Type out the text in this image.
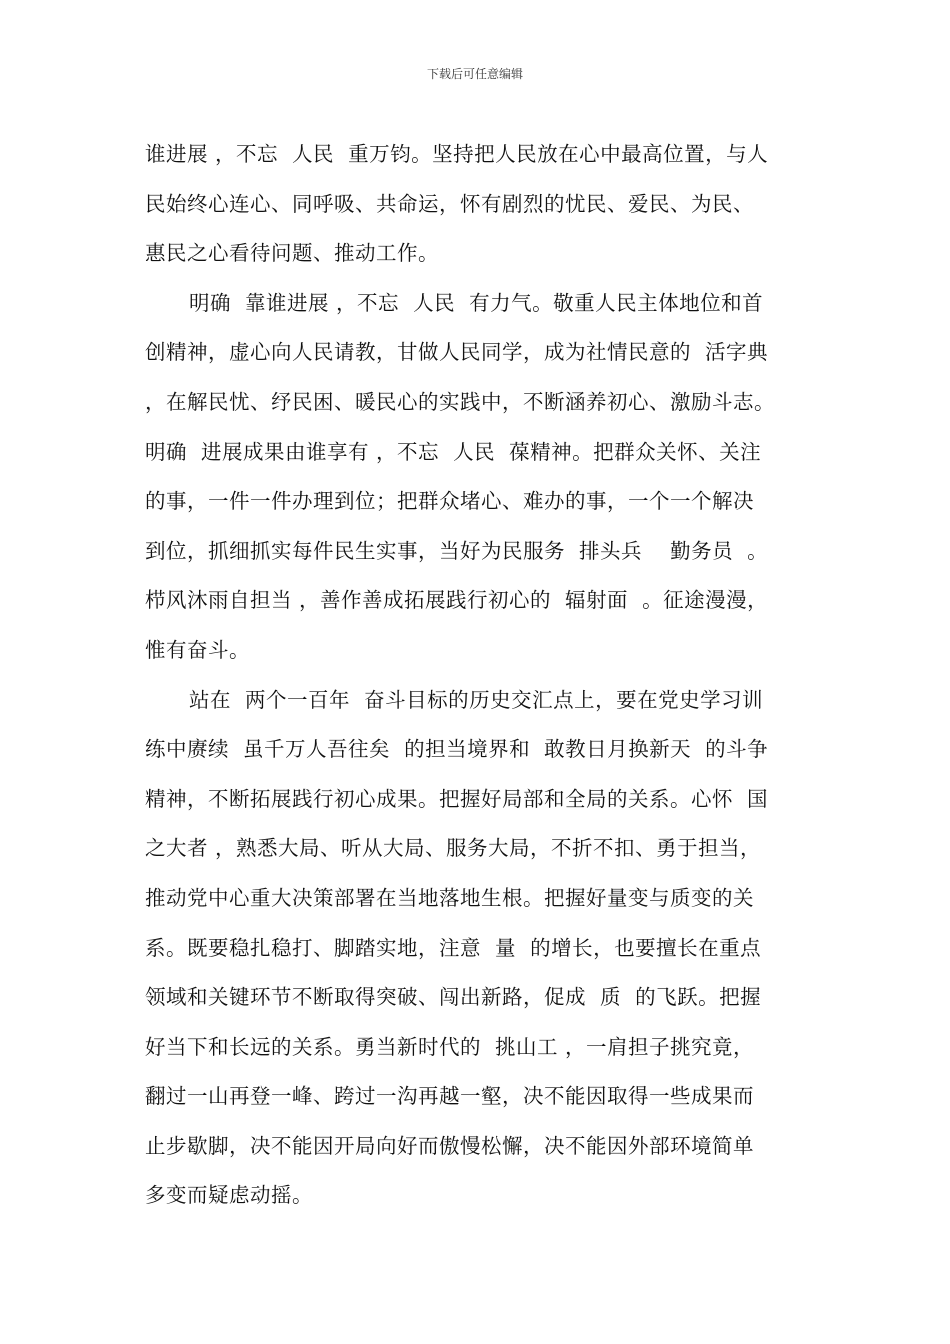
下载后可任意编辑
谁进展 ，不忘  人民  重万钧。坚持把人民放在心中最高位置，与人
民始终心连心、同呼吸、共命运，怀有剧烈的忧民、爱民、为民、
惠民之心看待问题、推动工作。
明确  靠谁进展 ，不忘  人民  有力气。敬重人民主体地位和首
创精神，虚心向人民请教，甘做人民同学，成为社情民意的  活字典
，在解民忧、纾民困、暖民心的实践中，不断涵养初心、激励斗志。
明确  进展成果由谁享有 ，不忘  人民  葆精神。把群众关怀、关注
的事，一件一件办理到位；把群众堵心、难办的事，一个一个解决
到位，抓细抓实每件民生实事，当好为民服务  排头兵    勤务员  。
栉风沐雨自担当 ，善作善成拓展践行初心的  辐射面  。征途漫漫，
惟有奋斗。
站在  两个一百年  奋斗目标的历史交汇点上，要在党史学习训
练中赓续  虽千万人吾往矣  的担当境界和  敢教日月换新天  的斗争
精神，不断拓展践行初心成果。把握好局部和全局的关系。心怀  国
之大者 ，熟悉大局、听从大局、服务大局，不折不扣、勇于担当，
推动党中心重大决策部署在当地落地生根。把握好量变与质变的关
系。既要稳扎稳打、脚踏实地，注意  量  的增长，也要擅长在重点
领域和关键环节不断取得突破、闯出新路，促成  质  的飞跃。把握
好当下和长远的关系。勇当新时代的  挑山工 ，一肩担子挑究竟，
翻过一山再登一峰、跨过一沟再越一壑，决不能因取得一些成果而
止步歇脚，决不能因开局向好而傲慢松懈，决不能因外部环境简单
多变而疑虑动摇。
